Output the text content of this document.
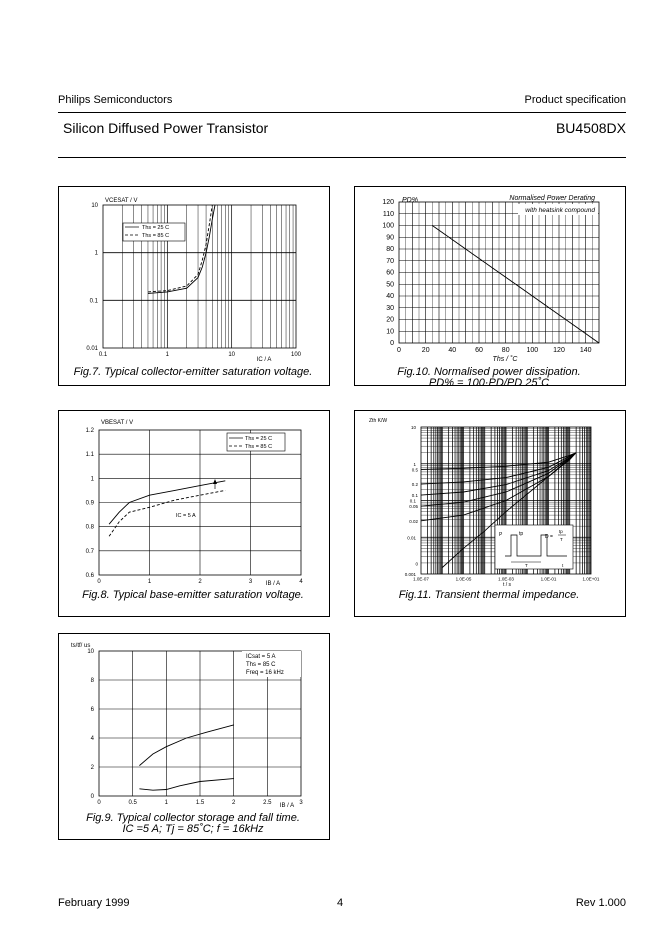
Philips Semiconductors	Product specification
Silicon Diffused Power Transistor	BU4508DX
0.01
0.1
1
10
0.1	1	10	100
VCESAT / V
IC / A
Ths = 25 C
Ths = 85 C
Fig.7. Typical collector-emitter saturation voltage.
0
10
20
30
40
50
60
70
80
90
100
110
120
0	20	40	60	80 100 120 140
PD%
Ths / ˚C
Normalised Power Derating
with heatsink compound
Fig.10. Normalised power dissipation.
PD% = 100·PD/PD 25˚C
0.6
0.7
0.8
0.9
1
1.1
1.2
0	1	2	3	4
VBESAT / V
IB / A
Ths = 25 C
Ths = 85 C
IC = 5 A
Fig.8. Typical base-emitter saturation voltage.
0.001
0.01
0.1
1
10
1.0E-07	1.0E-05	1.0E-03	1.0E-01	1.0E+01
Zth K/W
t / s
0.5
0.2
0.1
0.05
0.02
0
P	tp	D =
tp
T
T	t
Fig.11. Transient thermal impedance.
0
2
4
6
8
10
0	0.5	1	1.5	2	2.5	3
ts/tf/ us
IB / A
ICsat = 5 A
Ths = 85 C
Freq = 16 kHz
Fig.9. Typical collector storage and fall time.
IC =5 A; Tj = 85˚C; f = 16kHz
February 1999	4	Rev 1.000
